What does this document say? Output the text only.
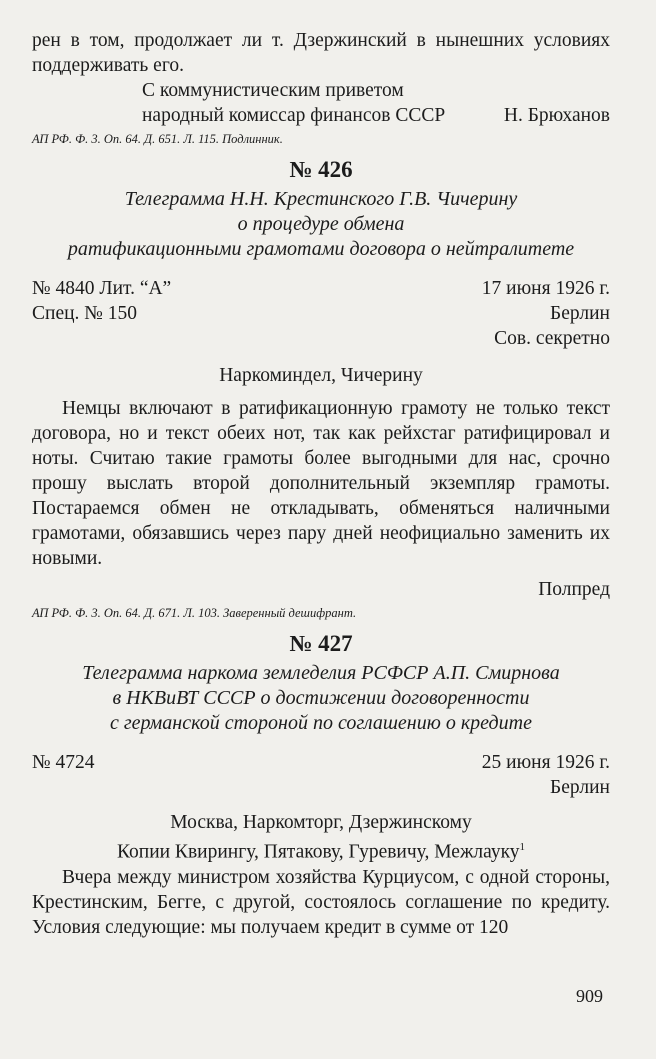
рен в том, продолжает ли т. Дзержинский в нынешних условиях поддерживать его.

С коммунистическим приветом
народный комиссар финансов СССР	Н. Брюханов

АП РФ. Ф. 3. Оп. 64. Д. 651. Л. 115. Подлинник.

№ 426

Телеграмма Н.Н. Крестинского Г.В. Чичерину

о процедуре обмена

ратификационными грамотами договора о нейтралитете

№ 4840 Лит. “А”	17 июня 1926 г.
Спец. № 150	Берлин

Сов. секретно

Наркоминдел, Чичерину

Немцы включают в ратификационную грамоту не только текст договора, но и текст обеих нот, так как рейхстаг ратифицировал и ноты. Считаю такие грамоты более выгодными для нас, срочно прошу выслать второй дополнительный экземпляр грамоты. Постараемся обмен не откладывать, обменяться наличными грамотами, обязавшись через пару дней неофициально заменить их новыми.

Полпред

АП РФ. Ф. 3. Оп. 64. Д. 671. Л. 103. Заверенный дешифрант.

№ 427

Телеграмма наркома земледелия РСФСР А.П. Смирнова

в НКВиВТ СССР о достижении договоренности

с германской стороной по соглашению о кредите

№ 4724	25 июня 1926 г.

Берлин

Москва, Наркомторг, Дзержинскому

Копии Квирингу, Пятакову, Гуревичу, Межлауку$^1$

Вчера между министром хозяйства Курциусом, с одной стороны, Крестинским, Бегге, с другой, состоялось соглашение по кредиту. Условия следующие: мы получаем кредит в сумме от 120

909
